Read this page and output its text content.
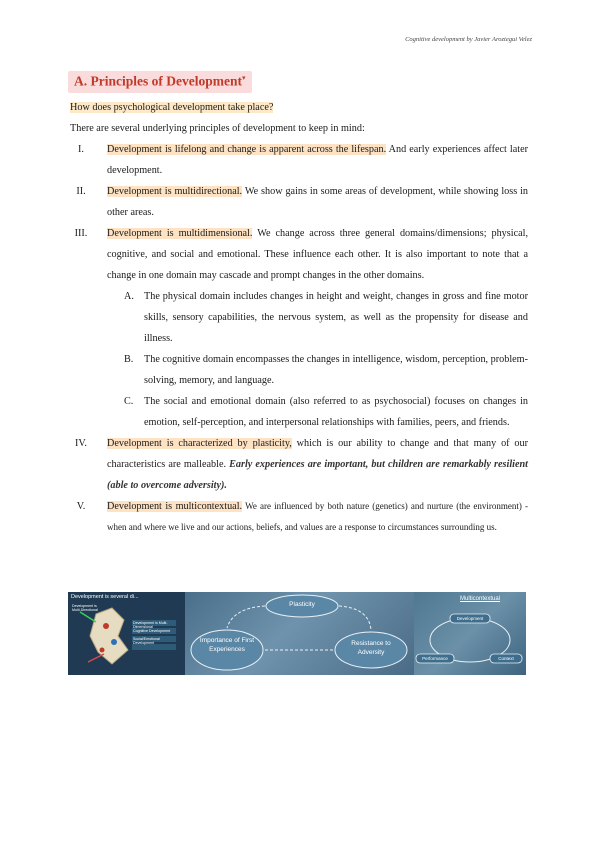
Cognitive development by Javier Aroztegui Velez
A. Principles of Development▾

How does psychological development take place?

There are several underlying principles of development to keep in mind:

I.	Development is lifelong and change is apparent across the lifespan. And early experiences affect later development.
II.	Development is multidirectional. We show gains in some areas of development, while showing loss in other areas.
III.	Development is multidimensional. We change across three general domains/dimensions; physical, cognitive, and social and emotional. These influence each other. It is also important to note that a change in one domain may cascade and prompt changes in the other domains.
A. The physical domain includes changes in height and weight, changes in gross and fine motor skills, sensory capabilities, the nervous system, as well as the propensity for disease and illness.
B. The cognitive domain encompasses the changes in intelligence, wisdom, perception, problem-solving, memory, and language.
C. The social and emotional domain (also referred to as psychosocial) focuses on changes in emotion, self-perception, and interpersonal relationships with families, peers, and friends.
IV.	Development is characterized by plasticity, which is our ability to change and that many of our characteristics are malleable. Early experiences are important, but children are remarkably resilient (able to overcome adversity).
V.	Development is multicontextual. We are influenced by both nature (genetics) and nurture (the environment) - when and where we live and our actions, beliefs, and values are a response to circumstances surrounding us.
Development is several di...
Development is Multi-Directional
Development is Multi-Dimensional
Cognitive Development
Social/Emotional Development
Plasticity
Importance of First Experiences
Resistance to Adversity
Multicontextual
Development
Performance	Context
